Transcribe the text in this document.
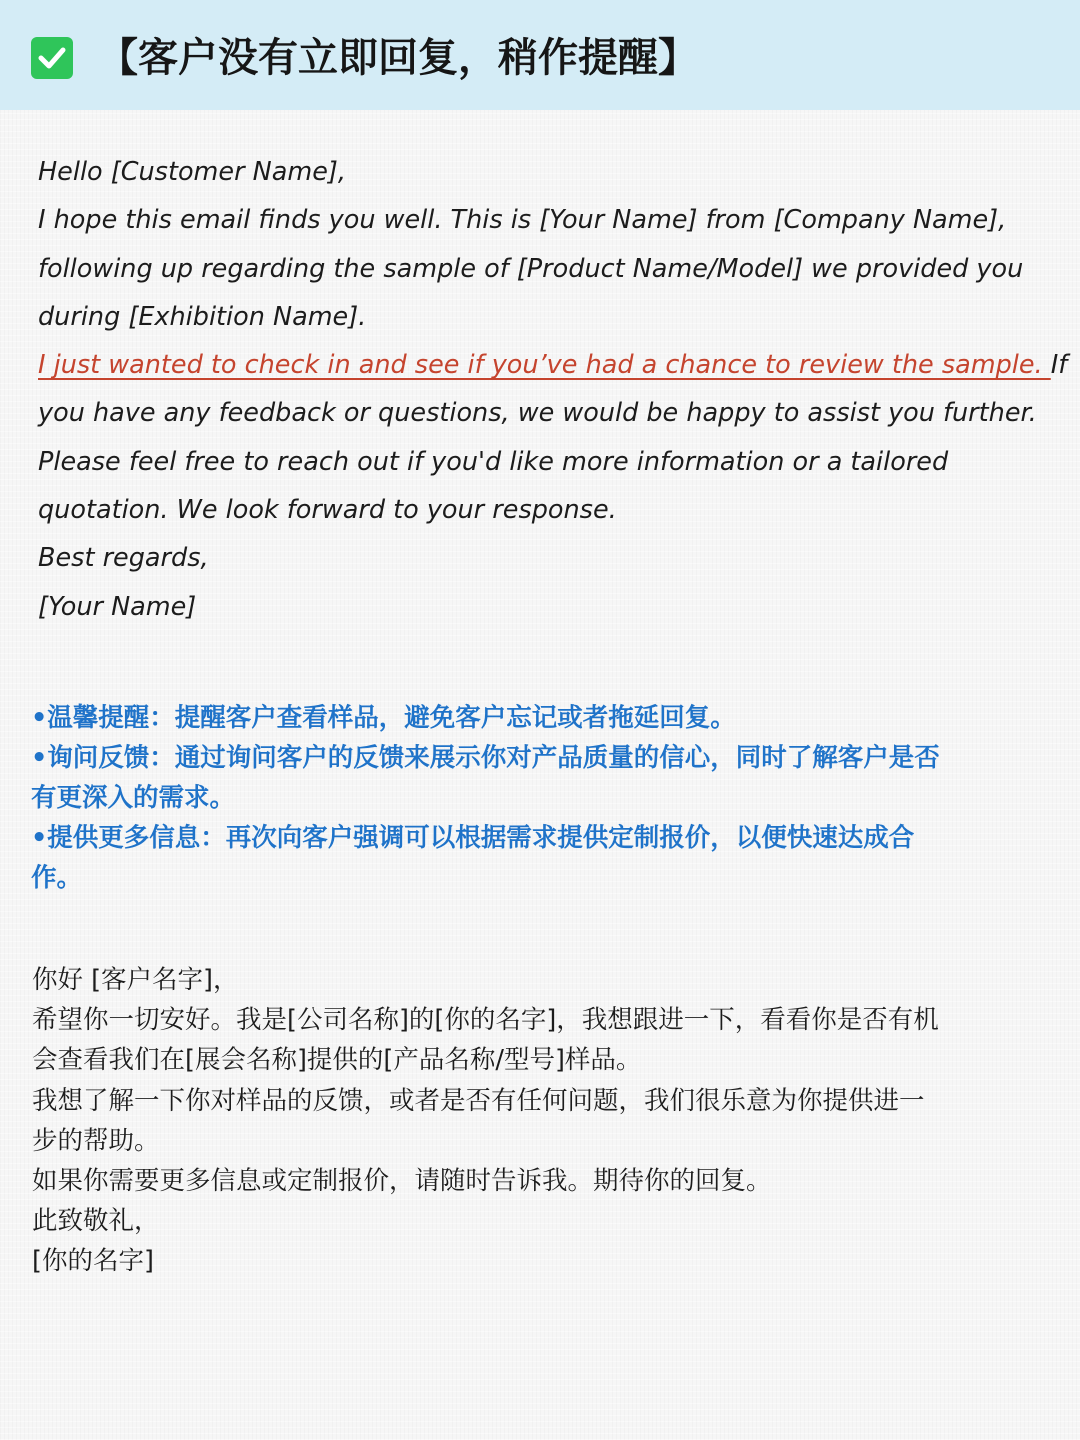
【客户没有立即回复，稍作提醒】
Hello [Customer Name],
I hope this email finds you well. This is [Your Name] from [Company Name],
following up regarding the sample of [Product Name/Model] we provided you
during [Exhibition Name].
I just wanted to check in and see if you’ve had a chance to review the sample. If
you have any feedback or questions, we would be happy to assist you further.
Please feel free to reach out if you'd like more information or a tailored
quotation. We look forward to your response.
Best regards,
[Your Name]
•温馨提醒：提醒客户查看样品，避免客户忘记或者拖延回复。
•询问反馈：通过询问客户的反馈来展示你对产品质量的信心，同时了解客户是否
有更深入的需求。
•提供更多信息：再次向客户强调可以根据需求提供定制报价，以便快速达成合
作。
你好 [客户名字]，
希望你一切安好。我是[公司名称]的[你的名字]，我想跟进一下，看看你是否有机
会查看我们在[展会名称]提供的[产品名称/型号]样品。
我想了解一下你对样品的反馈，或者是否有任何问题，我们很乐意为你提供进一
步的帮助。
如果你需要更多信息或定制报价，请随时告诉我。期待你的回复。
此致敬礼，
[你的名字]
